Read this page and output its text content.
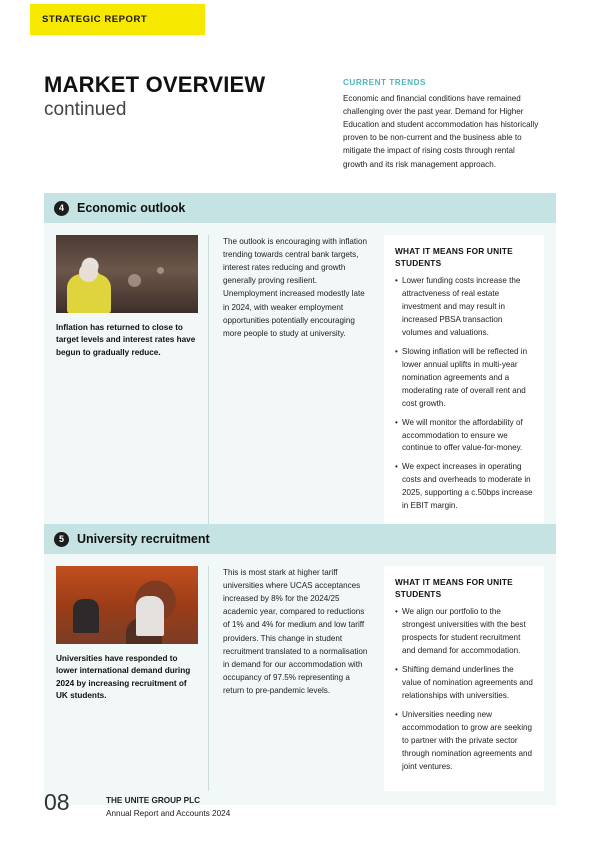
STRATEGIC REPORT
MARKET OVERVIEW
continued
CURRENT TRENDS
Economic and financial conditions have remained challenging over the past year. Demand for Higher Education and student accommodation has historically proven to be non-current and the business able to mitigate the impact of rising costs through rental growth and its risk management approach.
4	Economic outlook
Inflation has returned to close to target levels and interest rates have begun to gradually reduce.
The outlook is encouraging with inflation trending towards central bank targets, interest rates reducing and growth generally proving resilient. Unemployment increased modestly late in 2024, with weaker employment opportunities potentially encouraging more people to study at university.
WHAT IT MEANS FOR UNITE STUDENTS
• Lower funding costs increase the attractveness of real estate investment and may result in increased PBSA transaction volumes and valuations.
• Slowing inflation will be reflected in lower annual uplifts in multi-year nomination agreements and a moderating rate of overall rent and cost growth.
• We will monitor the affordability of accommodation to ensure we continue to offer value-for-money.
• We expect increases in operating costs and overheads to moderate in 2025, supporting a c.50bps increase in EBIT margin.
5	University recruitment
Universities have responded to lower international demand during 2024 by increasing recruitment of UK students.
This is most stark at higher tariff universities where UCAS acceptances increased by 8% for the 2024/25 academic year, compared to reductions of 1% and 4% for medium and low tariff providers. This change in student recruitment translated to a normalisation in demand for our accommodation with occupancy of 97.5% representing a return to pre-pandemic levels.
WHAT IT MEANS FOR UNITE STUDENTS
• We align our portfolio to the strongest universities with the best prospects for student recruitment and demand for accommodation.
• Shifting demand underlines the value of nomination agreements and relationships with universities.
• Universities needing new accommodation to grow are seeking to partner with the private sector through nomination agreements and joint ventures.
08	THE UNITE GROUP PLC
Annual Report and Accounts 2024
